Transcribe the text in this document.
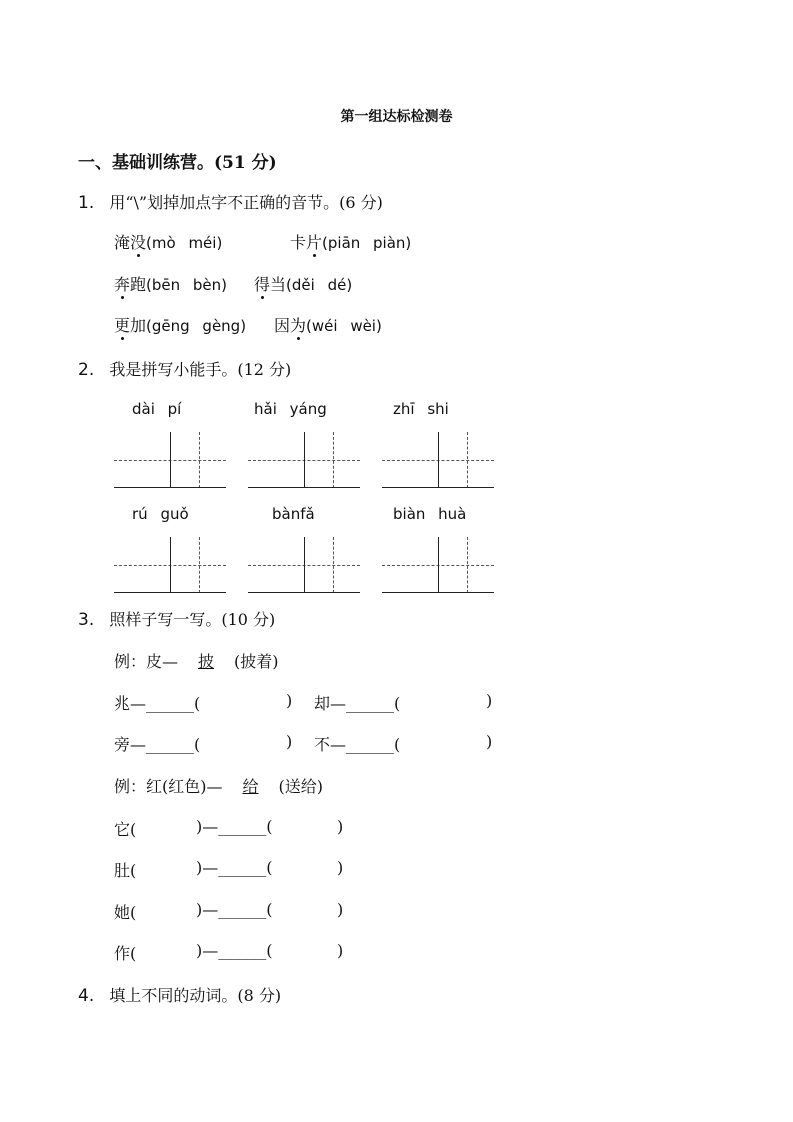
第一组达标检测卷
一、基础训练营。(51 分)
1. 用“\”划掉加点字不正确的音节。(6 分)
淹没(mò méi)	卡片(piān piàn)
奔跑(bēn bèn) 得当(děi dé)
更加(gēng gèng) 因为(wéi wèi)
2. 我是拼写小能手。(12 分)
dài pí	hǎi yáng	zhī shi
rú guǒ	bànfǎ	biàn huà
3. 照样子写一写。(10 分)
例：皮— 披 (披着)
兆—______(	) 却—______(	)
旁—______(	) 不—______(	)
例：红(红色)— 给 (送给)
它(	)—______(	)
肚(	)—______(	)
她(	)—______(	)
作(	)—______(	)
4. 填上不同的动词。(8 分)
